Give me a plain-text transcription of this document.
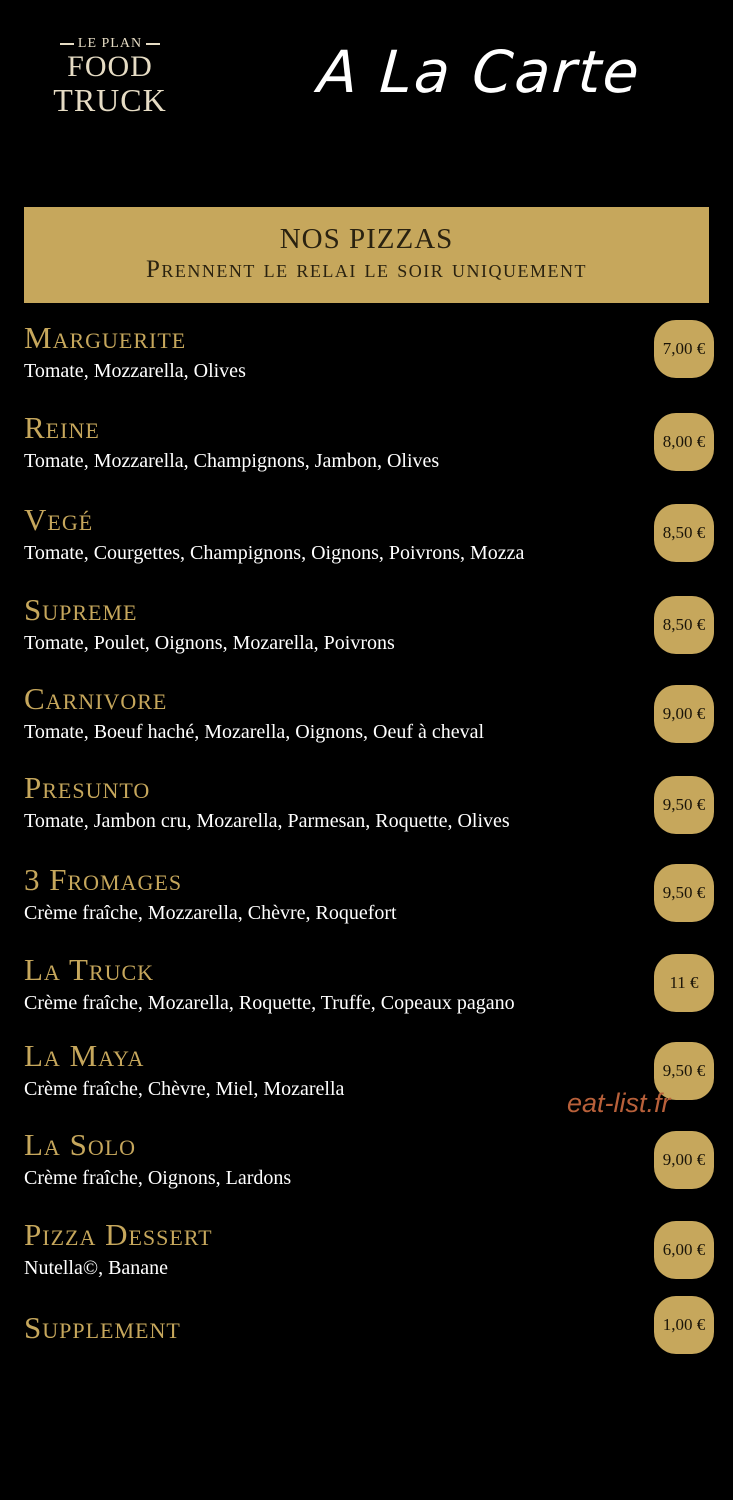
LE PLAN
FOOD
TRUCK	A La Carte
NOS PIZZAS
Prennent le relai le soir uniquement
Marguerite
Tomate, Mozzarella, Olives
7,00 €
Reine
Tomate, Mozzarella, Champignons, Jambon, Olives
8,00 €
Vegé
Tomate, Courgettes, Champignons, Oignons, Poivrons, Mozza
8,50 €
Supreme
Tomate, Poulet, Oignons, Mozarella, Poivrons
8,50 €
Carnivore
Tomate, Boeuf haché, Mozarella, Oignons, Oeuf à cheval
9,00 €
Presunto
Tomate, Jambon cru, Mozarella, Parmesan, Roquette, Olives
9,50 €
3 Fromages
Crème fraîche, Mozzarella, Chèvre, Roquefort
9,50 €
La Truck
Crème fraîche, Mozarella, Roquette, Truffe, Copeaux pagano
11 €
La Maya
Crème fraîche, Chèvre, Miel, Mozarella
9,50 €
La Solo
Crème fraîche, Oignons, Lardons
9,00 €
Pizza Dessert
Nutella©, Banane
6,00 €
Supplement	1,00 €
eat-list.fr
